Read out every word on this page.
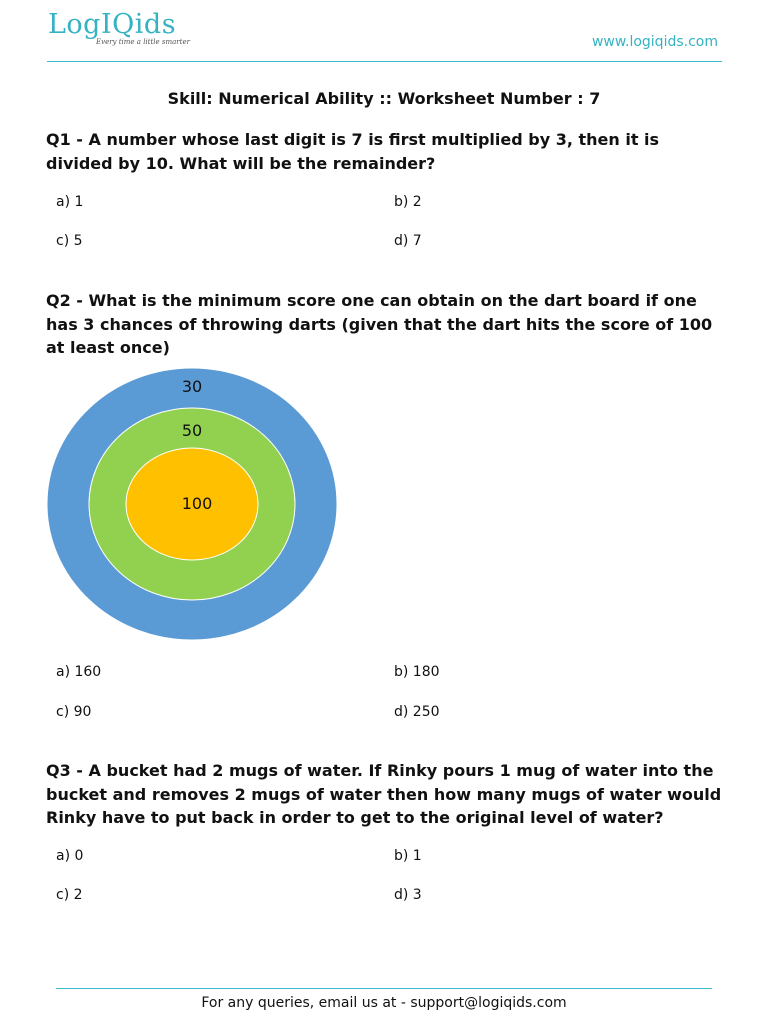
LogIQids
Every time a little smarter	www.logiqids.com
Skill: Numerical Ability :: Worksheet Number : 7
Q1 - A number whose last digit is 7 is first multiplied by 3, then it is divided by 10. What will be the remainder?
a) 1	b) 2
c) 5	d) 7
Q2 - What is the minimum score one can obtain on the dart board if one has 3 chances of throwing darts (given that the dart hits the score of 100 at least once)
30
50
100
a) 160	b) 180
c) 90	d) 250
Q3 - A bucket had 2 mugs of water. If Rinky pours 1 mug of water into the bucket and removes 2 mugs of water then how many mugs of water would Rinky have to put back in order to get to the original level of water?
a) 0	b) 1
c) 2	d) 3
For any queries, email us at - support@logiqids.com
